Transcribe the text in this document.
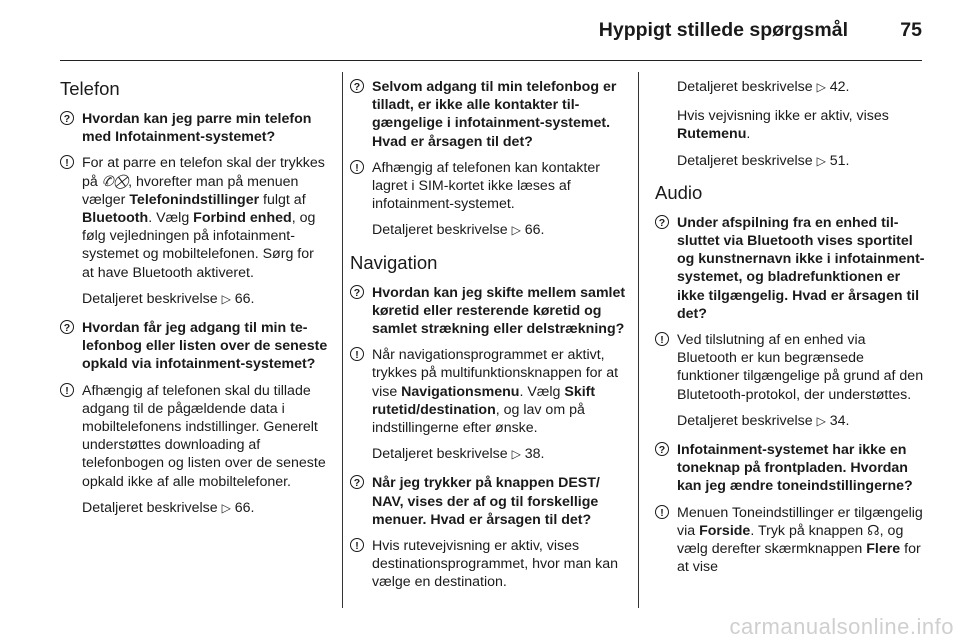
Hyppigt stillede spørgsmål	75
Telefon
? Hvordan kan jeg parre min telefon med Infotainment-systemet?
! For at parre en telefon skal der trykkes på ✆⛒, hvorefter man på menuen vælger Telefonindstillinger fulgt af Bluetooth. Vælg Forbind enhed, og følg vejledningen på infotainment-systemet og mobiltelefonen. Sørg for at have Bluetooth aktiveret.
Detaljeret beskrivelse ▷ 66.
? Hvordan får jeg adgang til min telefonbog eller listen over de seneste opkald via infotainment-systemet?
! Afhængig af telefonen skal du tillade adgang til de pågældende data i mobiltelefonens indstillinger. Generelt understøttes downloading af telefonbogen og listen over de seneste opkald ikke af alle mobiltelefoner.
Detaljeret beskrivelse ▷ 66.
? Selvom adgang til min telefonbog er tilladt, er ikke alle kontakter tilgængelige i infotainment-systemet. Hvad er årsagen til det?
! Afhængig af telefonen kan kontakter lagret i SIM-kortet ikke læses af infotainment-systemet.
Detaljeret beskrivelse ▷ 66.
Navigation
? Hvordan kan jeg skifte mellem samlet køretid eller resterende køretid og samlet strækning eller delstrækning?
! Når navigationsprogrammet er aktivt, trykkes på multifunktionsknappen for at vise Navigationsmenu. Vælg Skift rutetid/destination, og lav om på indstillingerne efter ønske.
Detaljeret beskrivelse ▷ 38.
? Når jeg trykker på knappen DEST/ NAV, vises der af og til forskellige menuer. Hvad er årsagen til det?
! Hvis rutevejvisning er aktiv, vises destinationsprogrammet, hvor man kan vælge en destination.
Detaljeret beskrivelse ▷ 42.
Hvis vejvisning ikke er aktiv, vises Rutemenu.
Detaljeret beskrivelse ▷ 51.
Audio
? Under afspilning fra en enhed tilsluttet via Bluetooth vises sportitel og kunstnernavn ikke i infotainment-systemet, og bladrefunktionen er ikke tilgængelig. Hvad er årsagen til det?
! Ved tilslutning af en enhed via Bluetooth er kun begrænsede funktioner tilgængelige på grund af den Blutetooth-protokol, der understøttes.
Detaljeret beskrivelse ▷ 34.
? Infotainment-systemet har ikke en toneknap på frontpladen. Hvordan kan jeg ændre toneindstillingerne?
! Menuen Toneindstillinger er tilgængelig via Forside. Tryk på knappen ☊, og vælg derefter skærmknappen Flere for at vise
carmanualsonline.info
